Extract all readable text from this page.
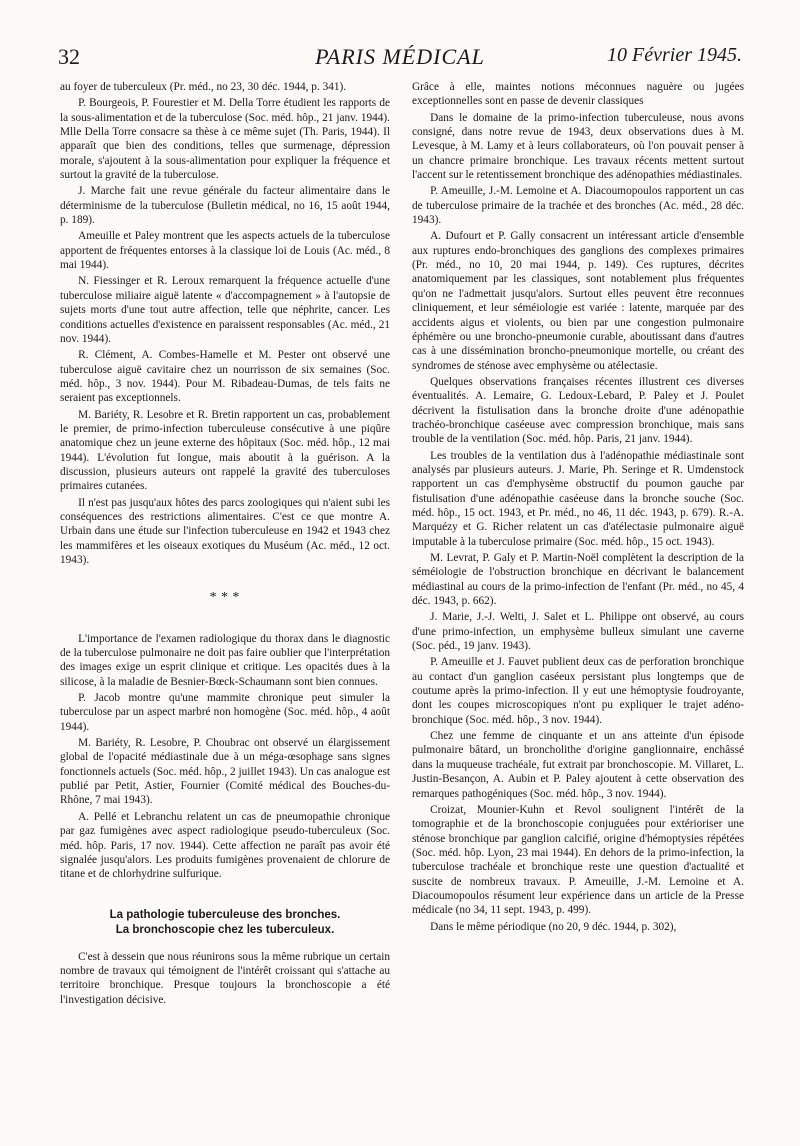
32	PARIS MÉDICAL	10 Février 1945.

au foyer de tuberculeux (Pr. méd., no 23, 30 déc. 1944, p. 341).

P. Bourgeois, P. Fourestier et M. Della Torre étudient les rapports de la sous-alimentation et de la tuberculose (Soc. méd. hôp., 21 janv. 1944). Mlle Della Torre consacre sa thèse à ce même sujet (Th. Paris, 1944). Il apparaît que bien des conditions, telles que surmenage, dépression morale, s'ajoutent à la sous-alimentation pour expliquer la fréquence et surtout la gravité de la tuberculose.

J. Marche fait une revue générale du facteur alimentaire dans le déterminisme de la tuberculose (Bulletin médical, no 16, 15 août 1944, p. 189).

Ameuille et Paley montrent que les aspects actuels de la tuberculose apportent de fréquentes entorses à la classique loi de Louis (Ac. méd., 8 mai 1944).

N. Fiessinger et R. Leroux remarquent la fréquence actuelle d'une tuberculose miliaire aiguë latente « d'accompagnement » à l'autopsie de sujets morts d'une tout autre affection, telle que néphrite, cancer. Les conditions actuelles d'existence en paraissent responsables (Ac. méd., 21 nov. 1944).

R. Clément, A. Combes-Hamelle et M. Pester ont observé une tuberculose aiguë cavitaire chez un nourrisson de six semaines (Soc. méd. hôp., 3 nov. 1944). Pour M. Ribadeau-Dumas, de tels faits ne seraient pas exceptionnels.

M. Bariéty, R. Lesobre et R. Bretin rapportent un cas, probablement le premier, de primo-infection tuberculeuse consécutive à une piqûre anatomique chez un jeune externe des hôpitaux (Soc. méd. hôp., 12 mai 1944). L'évolution fut longue, mais aboutit à la guérison. A la discussion, plusieurs auteurs ont rappelé la gravité des tuberculoses primaires cutanées.

Il n'est pas jusqu'aux hôtes des parcs zoologiques qui n'aient subi les conséquences des restrictions alimentaires. C'est ce que montre A. Urbain dans une étude sur l'infection tuberculeuse en 1942 et 1943 chez les mammifères et les oiseaux exotiques du Muséum (Ac. méd., 12 oct. 1943).

* * *

L'importance de l'examen radiologique du thorax dans le diagnostic de la tuberculose pulmonaire ne doit pas faire oublier que l'interprétation des images exige un esprit clinique et critique. Les opacités dues à la silicose, à la maladie de Besnier-Bœck-Schaumann sont bien connues.

P. Jacob montre qu'une mammite chronique peut simuler la tuberculose par un aspect marbré non homogène (Soc. méd. hôp., 4 août 1944).

M. Bariéty, R. Lesobre, P. Choubrac ont observé un élargissement global de l'opacité médiastinale due à un méga-œsophage sans signes fonctionnels actuels (Soc. méd. hôp., 2 juillet 1943). Un cas analogue est publié par Petit, Astier, Fournier (Comité médical des Bouches-du-Rhône, 7 mai 1943).

A. Pellé et Lebranchu relatent un cas de pneumopathie chronique par gaz fumigènes avec aspect radiologique pseudo-tuberculeux (Soc. méd. hôp. Paris, 17 nov. 1944). Cette affection ne paraît pas avoir été signalée jusqu'alors. Les produits fumigènes provenaient de chlorure de titane et de chlorhydrine sulfurique.

La pathologie tuberculeuse des bronches.
La bronchoscopie chez les tuberculeux.

C'est à dessein que nous réunirons sous la même rubrique un certain nombre de travaux qui témoignent de l'intérêt croissant qui s'attache au territoire bronchique. Presque toujours la bronchoscopie a été l'investigation décisive.

Grâce à elle, maintes notions méconnues naguère ou jugées exceptionnelles sont en passe de devenir classiques

Dans le domaine de la primo-infection tuberculeuse, nous avons consigné, dans notre revue de 1943, deux observations dues à M. Levesque, à M. Lamy et à leurs collaborateurs, où l'on pouvait penser à un chancre primaire bronchique. Les travaux récents mettent surtout l'accent sur le retentissement bronchique des adénopathies médiastinales.

P. Ameuille, J.-M. Lemoine et A. Diacoumopoulos rapportent un cas de tuberculose primaire de la trachée et des bronches (Ac. méd., 28 déc. 1943).

A. Dufourt et P. Gally consacrent un intéressant article d'ensemble aux ruptures endo-bronchiques des ganglions des complexes primaires (Pr. méd., no 10, 20 mai 1944, p. 149). Ces ruptures, décrites anatomiquement par les classiques, sont notablement plus fréquentes qu'on ne l'admettait jusqu'alors. Surtout elles peuvent être reconnues cliniquement, et leur séméiologie est variée : latente, marquée par des accidents aigus et violents, ou bien par une congestion pulmonaire éphémère ou une broncho-pneumonie curable, aboutissant dans d'autres cas à une dissémination broncho-pneumonique mortelle, ou créant des syndromes de sténose avec emphysème ou atélectasie.

Quelques observations françaises récentes illustrent ces diverses éventualités. A. Lemaire, G. Ledoux-Lebard, P. Paley et J. Poulet décrivent la fistulisation dans la bronche droite d'une adénopathie trachéo-bronchique caséeuse avec compression bronchique, mais sans trouble de la ventilation (Soc. méd. hôp. Paris, 21 janv. 1944).

Les troubles de la ventilation dus à l'adénopathie médiastinale sont analysés par plusieurs auteurs. J. Marie, Ph. Seringe et R. Umdenstock rapportent un cas d'emphysème obstructif du poumon gauche par fistulisation d'une adénopathie caséeuse dans la bronche souche (Soc. méd. hôp., 15 oct. 1943, et Pr. méd., no 46, 11 déc. 1943, p. 679). R.-A. Marquézy et G. Richer relatent un cas d'atélectasie pulmonaire aiguë imputable à la tuberculose primaire (Soc. méd. hôp., 15 oct. 1943).

M. Levrat, P. Galy et P. Martin-Noël complètent la description de la séméiologie de l'obstruction bronchique en décrivant le balancement médiastinal au cours de la primo-infection de l'enfant (Pr. méd., no 45, 4 déc. 1943, p. 662).

J. Marie, J.-J. Welti, J. Salet et L. Philippe ont observé, au cours d'une primo-infection, un emphysème bulleux simulant une caverne (Soc. péd., 19 janv. 1943).

P. Ameuille et J. Fauvet publient deux cas de perforation bronchique au contact d'un ganglion caséeux persistant plus longtemps que de coutume après la primo-infection. Il y eut une hémoptysie foudroyante, dont les coupes microscopiques n'ont pu expliquer le trajet adéno-bronchique (Soc. méd. hôp., 3 nov. 1944).

Chez une femme de cinquante et un ans atteinte d'un épisode pulmonaire bâtard, un broncholithe d'origine ganglionnaire, enchâssé dans la muqueuse trachéale, fut extrait par bronchoscopie. M. Villaret, L. Justin-Besançon, A. Aubin et P. Paley ajoutent à cette observation des remarques pathogéniques (Soc. méd. hôp., 3 nov. 1944).

Croizat, Mounier-Kuhn et Revol soulignent l'intérêt de la tomographie et de la bronchoscopie conjuguées pour extérioriser une sténose bronchique par ganglion calcifié, origine d'hémoptysies répétées (Soc. méd. hôp. Lyon, 23 mai 1944). En dehors de la primo-infection, la tuberculose trachéale et bronchique reste une question d'actualité et suscite de nombreux travaux. P. Ameuille, J.-M. Lemoine et A. Diacoumopoulos résument leur expérience dans un article de la Presse médicale (no 34, 11 sept. 1943, p. 499).

Dans le même périodique (no 20, 9 déc. 1944, p. 302),
